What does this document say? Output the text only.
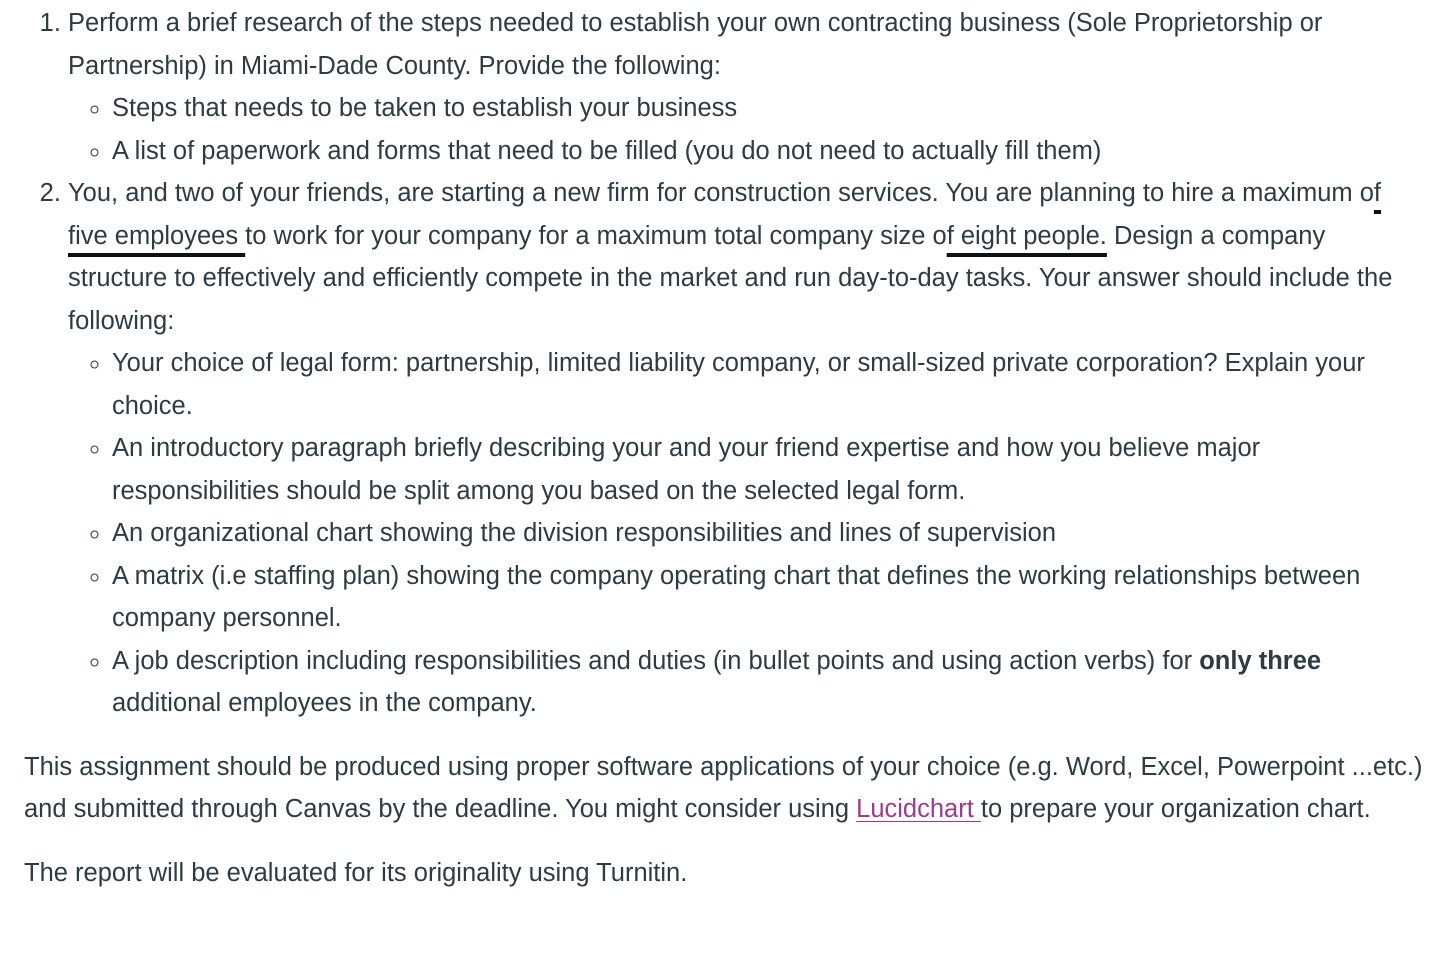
1. Perform a brief research of the steps needed to establish your own contracting business (Sole Proprietorship or Partnership) in Miami-Dade County. Provide the following:
◦ Steps that needs to be taken to establish your business
◦ A list of paperwork and forms that need to be filled (you do not need to actually fill them)
2. You, and two of your friends, are starting a new firm for construction services. You are planning to hire a maximum of five employees to work for your company for a maximum total company size of eight people. Design a company structure to effectively and efficiently compete in the market and run day-to-day tasks. Your answer should include the following:
◦ Your choice of legal form: partnership, limited liability company, or small-sized private corporation? Explain your choice.
◦ An introductory paragraph briefly describing your and your friend expertise and how you believe major responsibilities should be split among you based on the selected legal form.
◦ An organizational chart showing the division responsibilities and lines of supervision
◦ A matrix (i.e staffing plan) showing the company operating chart that defines the working relationships between company personnel.
◦ A job description including responsibilities and duties (in bullet points and using action verbs) for only three additional employees in the company.

This assignment should be produced using proper software applications of your choice (e.g. Word, Excel, Powerpoint ...etc.) and submitted through Canvas by the deadline. You might consider using Lucidchart to prepare your organization chart.

The report will be evaluated for its originality using Turnitin.
